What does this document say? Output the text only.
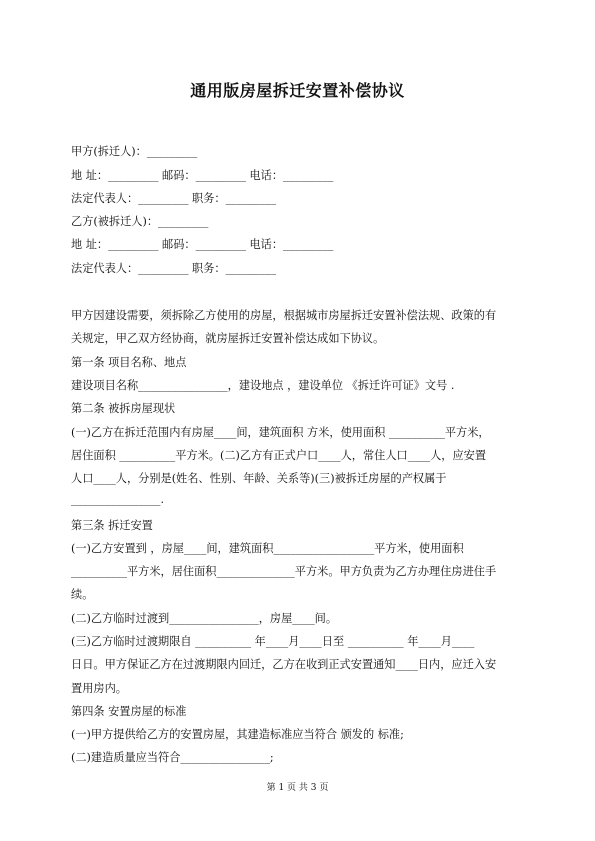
通用版房屋拆迁安置补偿协议
甲方(拆迁人)：_________
地 址：_________ 邮码：_________ 电话：_________
法定代表人：_________ 职务：_________
乙方(被拆迁人)：_________
地 址：_________ 邮码：_________ 电话：_________
法定代表人：_________ 职务：_________
甲方因建设需要，须拆除乙方使用的房屋，根据城市房屋拆迁安置补偿法规、政策的有
关规定，甲乙双方经协商，就房屋拆迁安置补偿达成如下协议。
第一条 项目名称、地点
建设项目名称________________，建设地点 ，建设单位 《拆迁许可证》文号 .
第二条 被拆房屋现状
(一)乙方在拆迁范围内有房屋____间，建筑面积 方米，使用面积 __________平方米，
居住面积 __________平方米。(二)乙方有正式户口____人，常住人口____人，应安置
人口____人，分别是(姓名、性别、年龄、关系等)(三)被拆迁房屋的产权属于
________________.
第三条 拆迁安置
(一)乙方安置到 ，房屋____间，建筑面积__________________平方米，使用面积
__________平方米，居住面积______________平方米。甲方负责为乙方办理住房进住手
续。
(二)乙方临时过渡到________________，房屋____间。
(三)乙方临时过渡期限自 __________ 年____月____日至 __________ 年____月____
日日。甲方保证乙方在过渡期限内回迁，乙方在收到正式安置通知____日内，应迁入安
置用房内。
第四条 安置房屋的标准
(一)甲方提供给乙方的安置房屋，其建造标准应当符合 颁发的 标准;
(二)建造质量应当符合________________;
第 1 页 共 3 页
